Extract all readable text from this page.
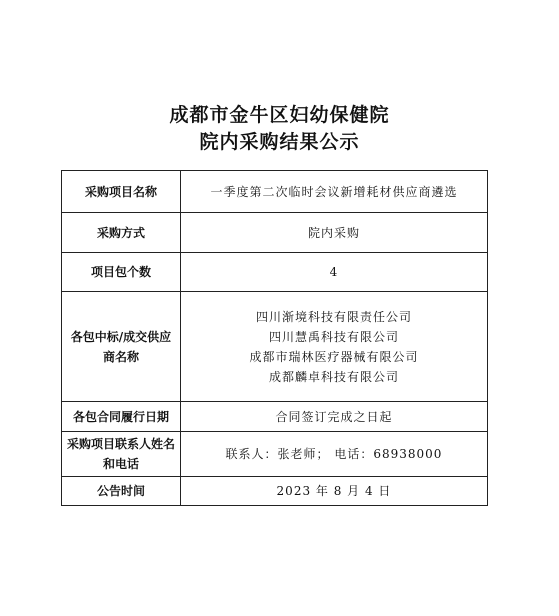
成都市金牛区妇幼保健院
院内采购结果公示
采购项目名称	一季度第二次临时会议新增耗材供应商遴选
采购方式	院内采购
项目包个数	4
各包中标/成交供应商名称	四川渐境科技有限责任公司
四川慧禹科技有限公司
成都市瑞林医疗器械有限公司
成都麟卓科技有限公司

各包合同履行日期	合同签订完成之日起
采购项目联系人姓名和电话	联系人：张老师； 电话：68938000
公告时间	2023 年 8 月 4 日
